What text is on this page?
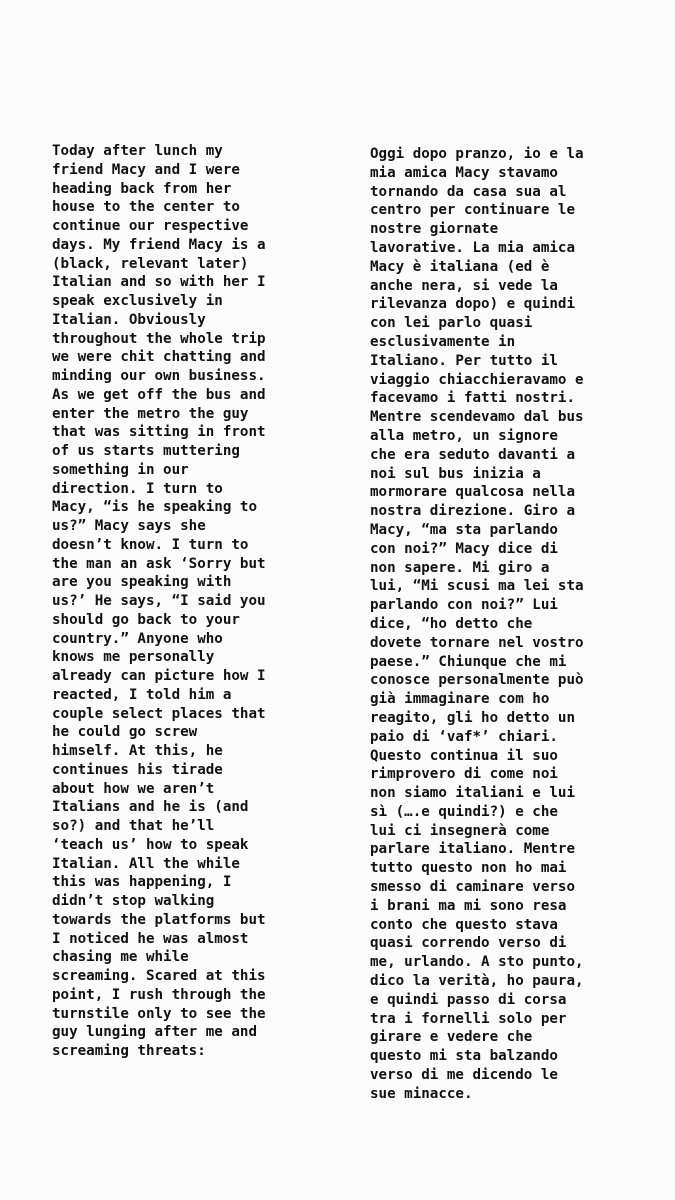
Today after lunch my
friend Macy and I were
heading back from her
house to the center to
continue our respective
days. My friend Macy is a
(black, relevant later)
Italian and so with her I
speak exclusively in
Italian. Obviously
throughout the whole trip
we were chit chatting and
minding our own business.
As we get off the bus and
enter the metro the guy
that was sitting in front
of us starts muttering
something in our
direction. I turn to
Macy, “is he speaking to
us?” Macy says she
doesn’t know. I turn to
the man an ask ‘Sorry but
are you speaking with
us?’ He says, “I said you
should go back to your
country.” Anyone who
knows me personally
already can picture how I
reacted, I told him a
couple select places that
he could go screw
himself. At this, he
continues his tirade
about how we aren’t
Italians and he is (and
so?) and that he’ll
‘teach us’ how to speak
Italian. All the while
this was happening, I
didn’t stop walking
towards the platforms but
I noticed he was almost
chasing me while
screaming. Scared at this
point, I rush through the
turnstile only to see the
guy lunging after me and
screaming threats:
Oggi dopo pranzo, io e la
mia amica Macy stavamo
tornando da casa sua al
centro per continuare le
nostre giornate
lavorative. La mia amica
Macy è italiana (ed è
anche nera, si vede la
rilevanza dopo) e quindi
con lei parlo quasi
esclusivamente in
Italiano. Per tutto il
viaggio chiacchieravamo e
facevamo i fatti nostri.
Mentre scendevamo dal bus
alla metro, un signore
che era seduto davanti a
noi sul bus inizia a
mormorare qualcosa nella
nostra direzione. Giro a
Macy, “ma sta parlando
con noi?” Macy dice di
non sapere. Mi giro a
lui, “Mi scusi ma lei sta
parlando con noi?” Lui
dice, “ho detto che
dovete tornare nel vostro
paese.” Chiunque che mi
conosce personalmente può
già immaginare com ho
reagito, gli ho detto un
paio di ‘vaf*’ chiari.
Questo continua il suo
rimprovero di come noi
non siamo italiani e lui
sì (….e quindi?) e che
lui ci insegnerà come
parlare italiano. Mentre
tutto questo non ho mai
smesso di caminare verso
i brani ma mi sono resa
conto che questo stava
quasi correndo verso di
me, urlando. A sto punto,
dico la verità, ho paura,
e quindi passo di corsa
tra i fornelli solo per
girare e vedere che
questo mi sta balzando
verso di me dicendo le
sue minacce.
